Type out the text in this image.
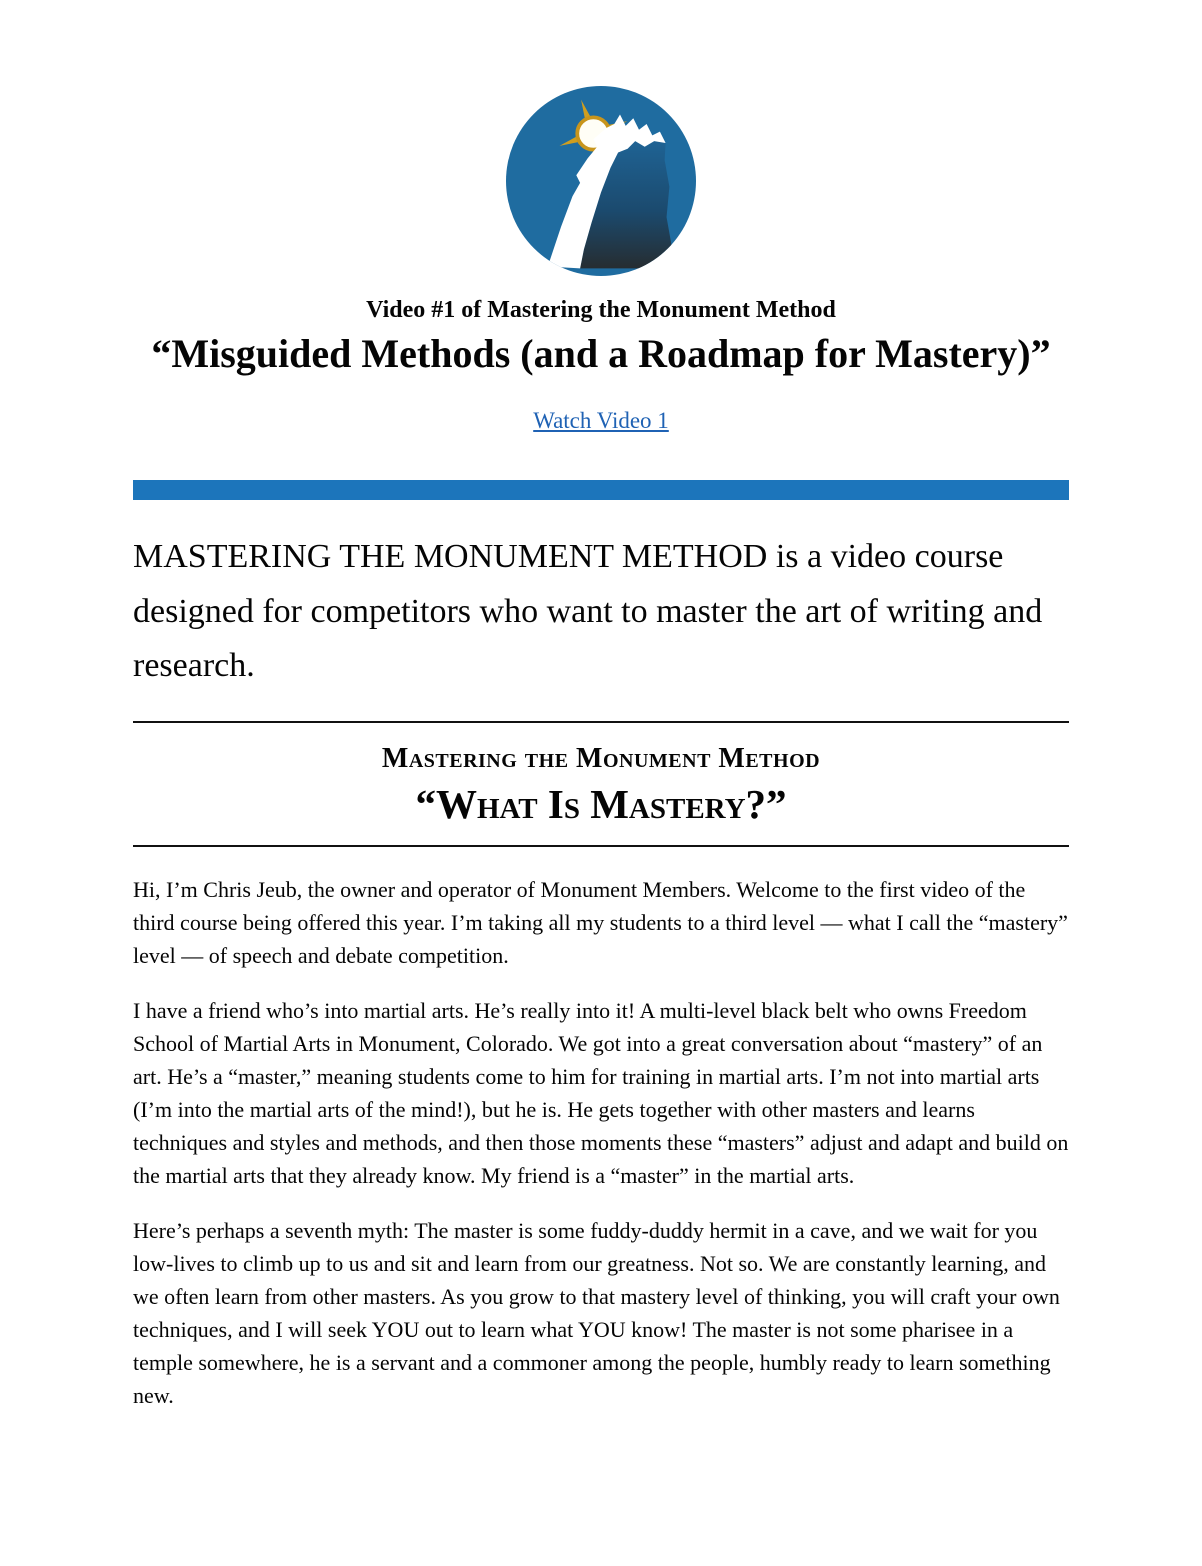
Video #1 of Mastering the Monument Method

“Misguided Methods (and a Roadmap for Mastery)”

Watch Video 1

MASTERING THE MONUMENT METHOD is a video course designed for competitors who want to master the art of writing and research.

Mastering the Monument Method

“What Is Mastery?”

Hi, I’m Chris Jeub, the owner and operator of Monument Members. Welcome to the first video of the third course being offered this year. I’m taking all my students to a third level — what I call the “mastery” level — of speech and debate competition.

I have a friend who’s into martial arts. He’s really into it! A multi-level black belt who owns Freedom School of Martial Arts in Monument, Colorado. We got into a great conversation about “mastery” of an art. He’s a “master,” meaning students come to him for training in martial arts. I’m not into martial arts (I’m into the martial arts of the mind!), but he is. He gets together with other masters and learns techniques and styles and methods, and then those moments these “masters” adjust and adapt and build on the martial arts that they already know. My friend is a “master” in the martial arts.

Here’s perhaps a seventh myth: The master is some fuddy-duddy hermit in a cave, and we wait for you low-lives to climb up to us and sit and learn from our greatness. Not so. We are constantly learning, and we often learn from other masters. As you grow to that mastery level of thinking, you will craft your own techniques, and I will seek YOU out to learn what YOU know! The master is not some pharisee in a temple somewhere, he is a servant and a commoner among the people, humbly ready to learn something new.
